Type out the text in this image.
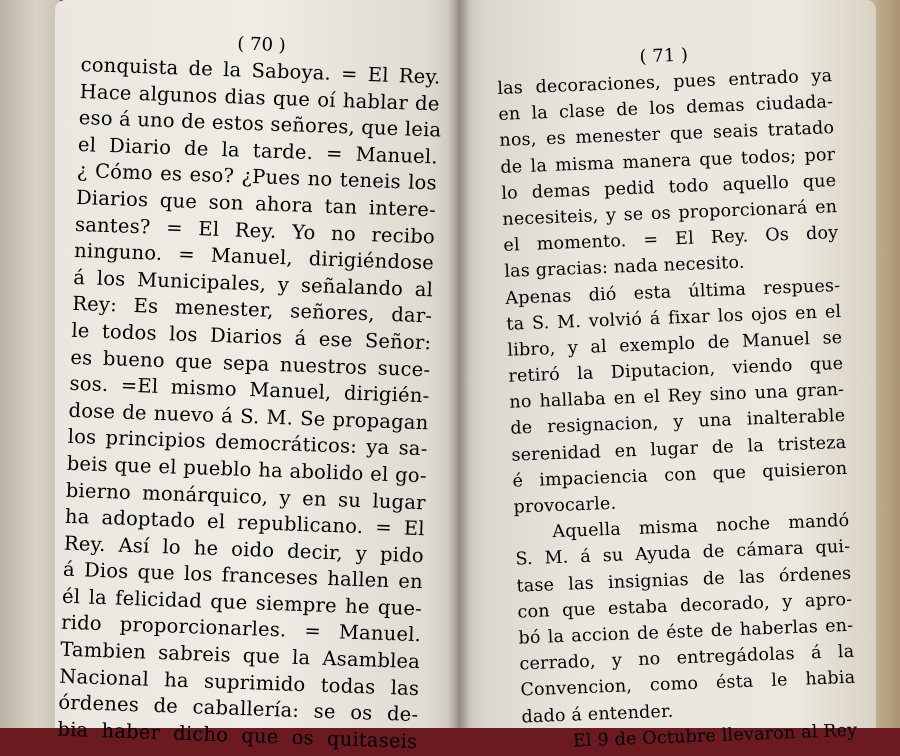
( 70 )
conquista de la Saboya. = El Rey.
Hace algunos dias que oí hablar de
eso á uno de estos señores, que leia
el Diario de la tarde. = Manuel.
¿ Cómo es eso? ¿Pues no teneis los
Diarios que son ahora tan intere-
santes? = El Rey. Yo no recibo
ninguno. = Manuel, dirigiéndose
á los Municipales, y señalando al
Rey: Es menester, señores, dar-
le todos los Diarios á ese Señor:
es bueno que sepa nuestros suce-
sos. =El mismo Manuel, dirigién-
dose de nuevo á S. M. Se propagan
los principios democráticos: ya sa-
beis que el pueblo ha abolido el go-
bierno monárquico, y en su lugar
ha adoptado el republicano. = El
Rey. Así lo he oido decir, y pido
á Dios que los franceses hallen en
él la felicidad que siempre he que-
rido proporcionarles. = Manuel.
Tambien sabreis que la Asamblea
Nacional ha suprimido todas las
órdenes de caballería: se os de-
bia haber dicho que os quitaseis
( 71 )
las decoraciones, pues entrado ya
en la clase de los demas ciudada-
nos, es menester que seais tratado
de la misma manera que todos; por
lo demas pedid todo aquello que
necesiteis, y se os proporcionará en
el momento. = El Rey. Os doy
las gracias: nada necesito.
Apenas dió esta última respues-
ta S. M. volvió á fixar los ojos en el
libro, y al exemplo de Manuel se
retiró la Diputacion, viendo que
no hallaba en el Rey sino una gran-
de resignacion, y una inalterable
serenidad en lugar de la tristeza
é impaciencia con que quisieron
provocarle.
Aquella misma noche mandó
S. M. á su Ayuda de cámara qui-
tase las insignias de las órdenes
con que estaba decorado, y apro-
bó la accion de éste de haberlas en-
cerrado, y no entregádolas á la
Convencion, como ésta le habia
dado á entender.
El 9 de Octubre llevaron al Rey
